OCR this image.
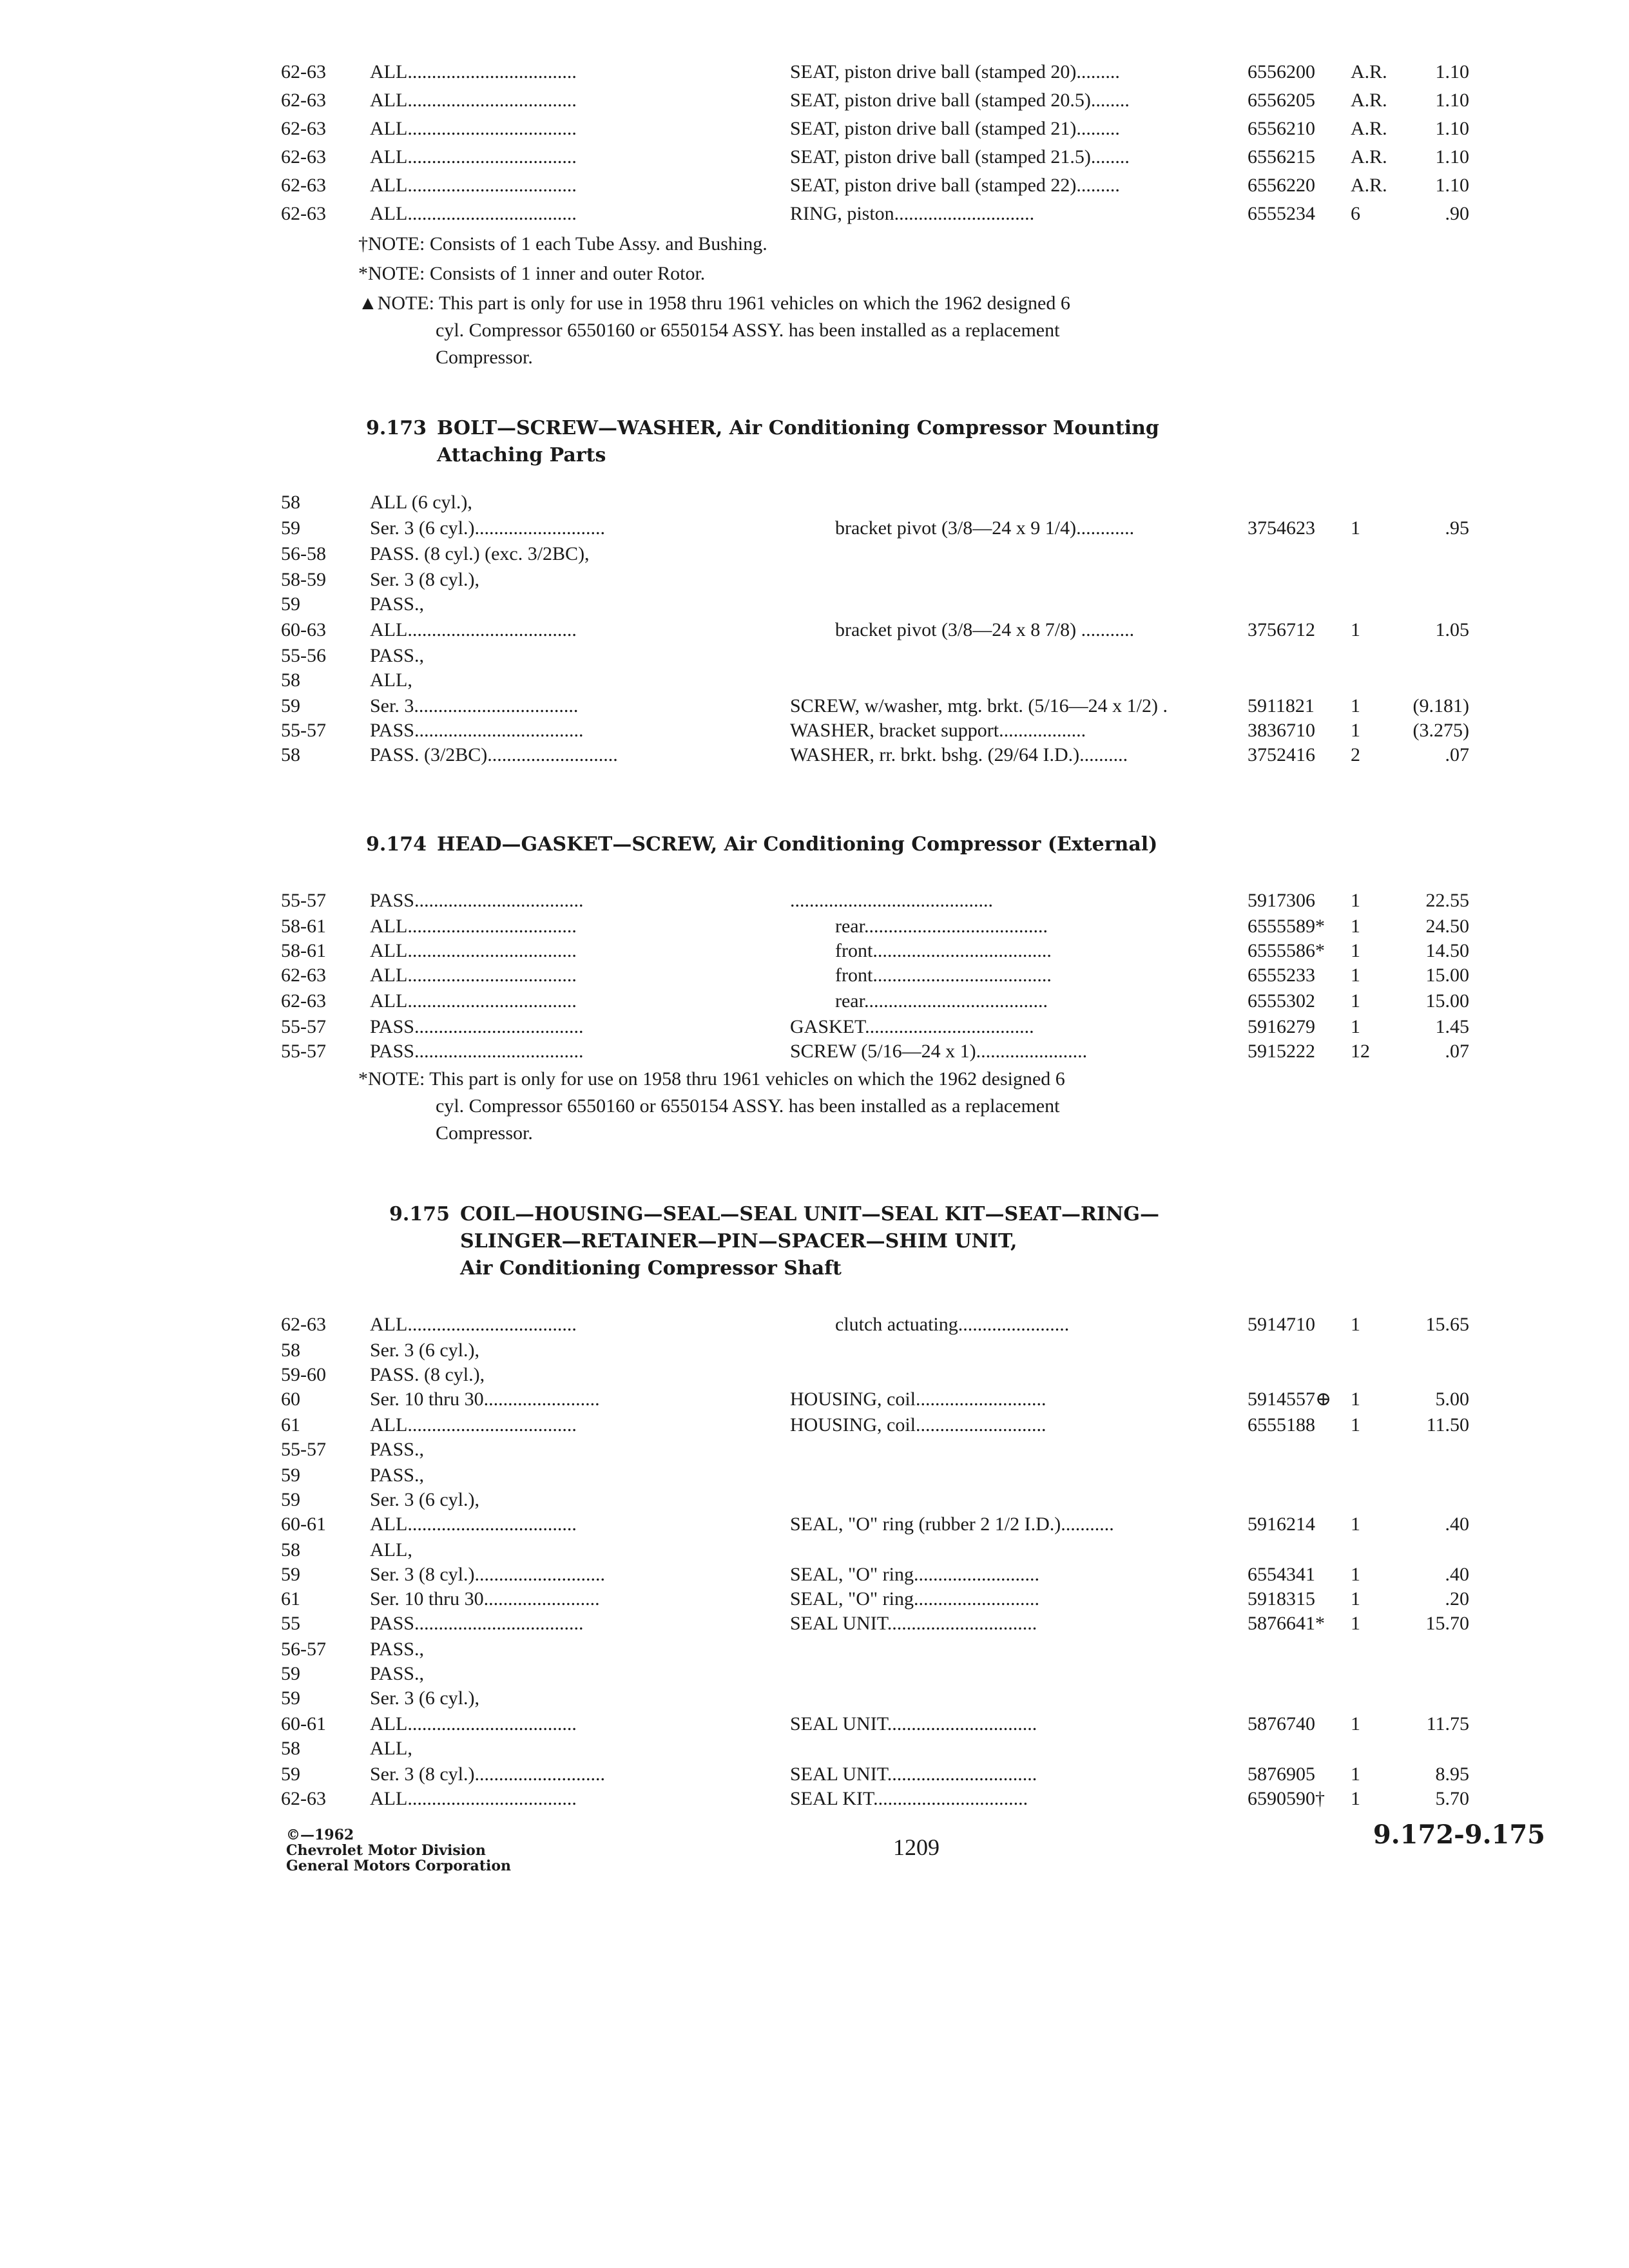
62-63 ALL...................................	SEAT, piston drive ball (stamped 20).........	6556200 A.R. 1.10
62-63 ALL...................................	SEAT, piston drive ball (stamped 20.5)........	6556205 A.R. 1.10
62-63 ALL...................................	SEAT, piston drive ball (stamped 21).........	6556210 A.R. 1.10
62-63 ALL...................................	SEAT, piston drive ball (stamped 21.5)........	6556215 A.R. 1.10
62-63 ALL...................................	SEAT, piston drive ball (stamped 22).........	6556220 A.R. 1.10
62-63 ALL...................................	RING, piston.............................	6555234 6	.90
†NOTE: Consists of 1 each Tube Assy. and Bushing.
*NOTE: Consists of 1 inner and outer Rotor.
▲NOTE: This part is only for use in 1958 thru 1961 vehicles on which the 1962 designed 6
cyl. Compressor 6550160 or 6550154 ASSY. has been installed as a replacement
Compressor.
9.173 BOLT—SCREW—WASHER, Air Conditioning Compressor Mounting
Attaching Parts
58	ALL (6 cyl.),
59	Ser. 3 (6 cyl.)...........................	bracket pivot (3/8—24 x 9 1/4)............	3754623 1	.95
56-58 PASS. (8 cyl.) (exc. 3/2BC),
58-59 Ser. 3 (8 cyl.),
59	PASS.,
60-63 ALL...................................	bracket pivot (3/8—24 x 8 7/8) ...........	3756712 1	1.05
55-56 PASS.,
58	ALL,
59	Ser. 3..................................	SCREW, w/washer, mtg. brkt. (5/16—24 x 1/2) .	5911821 1	(9.181)
55-57 PASS...................................	WASHER, bracket support..................	3836710 1	(3.275)
58	PASS. (3/2BC)...........................	WASHER, rr. brkt. bshg. (29/64 I.D.)..........	3752416 2	.07
9.174 HEAD—GASKET—SCREW, Air Conditioning Compressor (External)
55-57 PASS...................................	..........................................	5917306 1	22.55
58-61 ALL...................................	rear......................................	6555589* 1	24.50
58-61 ALL...................................	front.....................................	6555586* 1	14.50
62-63 ALL...................................	front.....................................	6555233 1	15.00
62-63 ALL...................................	rear......................................	6555302 1	15.00
55-57 PASS...................................	GASKET...................................	5916279 1	1.45
55-57 PASS...................................	SCREW (5/16—24 x 1).......................	5915222 12	.07
*NOTE: This part is only for use on 1958 thru 1961 vehicles on which the 1962 designed 6
cyl. Compressor 6550160 or 6550154 ASSY. has been installed as a replacement
Compressor.
9.175 COIL—HOUSING—SEAL—SEAL UNIT—SEAL KIT—SEAT—RING—
SLINGER—RETAINER—PIN—SPACER—SHIM UNIT,
Air Conditioning Compressor Shaft
62-63 ALL...................................	clutch actuating.......................	5914710 1	15.65
58	Ser. 3 (6 cyl.),
59-60 PASS. (8 cyl.),
60	Ser. 10 thru 30........................	HOUSING, coil...........................	5914557⊕ 1	5.00
61	ALL...................................	HOUSING, coil...........................	6555188 1	11.50
55-57 PASS.,
59	PASS.,
59	Ser. 3 (6 cyl.),
60-61 ALL...................................	SEAL, "O" ring (rubber 2 1/2 I.D.)...........	5916214 1	.40
58	ALL,
59	Ser. 3 (8 cyl.)...........................	SEAL, "O" ring..........................	6554341 1	.40
61	Ser. 10 thru 30........................	SEAL, "O" ring..........................	5918315 1	.20
55	PASS...................................	SEAL UNIT...............................	5876641* 1	15.70
56-57 PASS.,
59	PASS.,
59	Ser. 3 (6 cyl.),
60-61 ALL...................................	SEAL UNIT...............................	5876740 1	11.75
58	ALL,
59	Ser. 3 (8 cyl.)...........................	SEAL UNIT...............................	5876905 1	8.95
62-63 ALL...................................	SEAL KIT................................	6590590† 1	5.70
©—1962
Chevrolet Motor Division
General Motors Corporation
1209	9.172-9.175
